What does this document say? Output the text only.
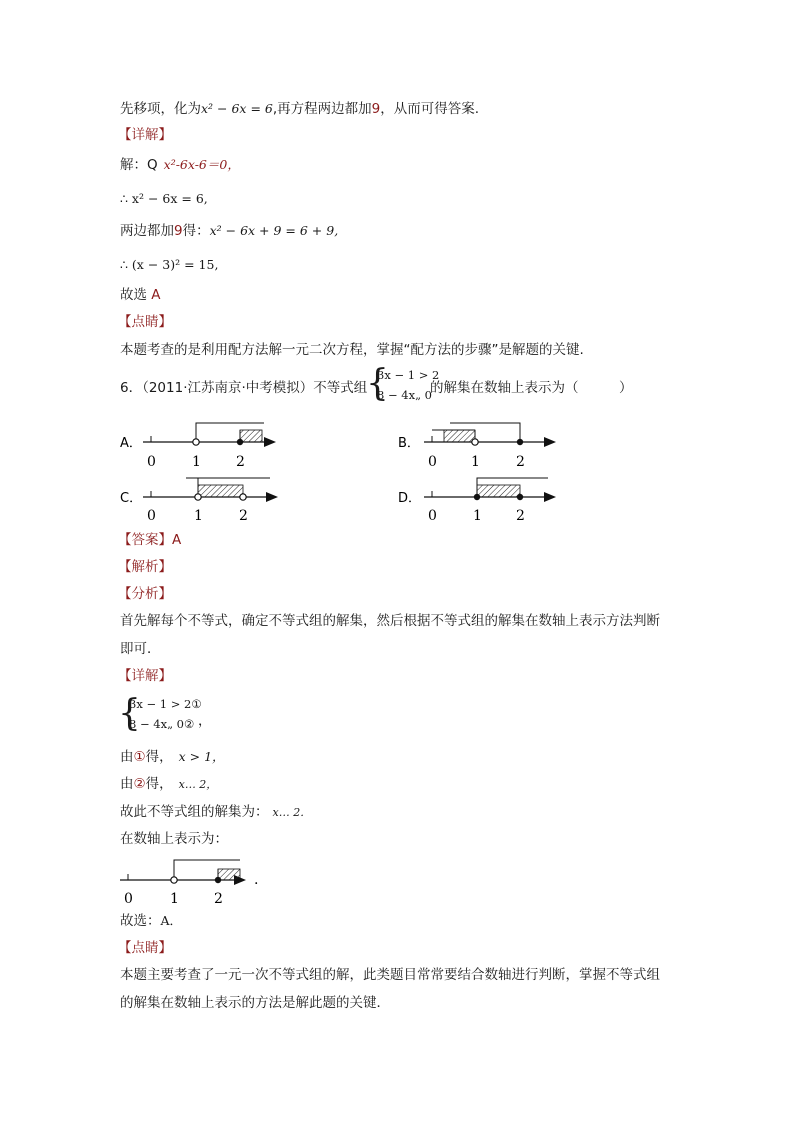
先移项，化为x² − 6x = 6,再方程两边都加9，从而可得答案.
【详解】
解：Q x²-6x-6＝0，
∴ x² − 6x = 6,
两边都加9得：x² − 6x + 9 = 6 + 9,
∴ (x − 3)² = 15,
故选 A
【点睛】
本题考查的是利用配方法解一元二次方程，掌握“配方法的步骤”是解题的关键.
6．（2011·江苏南京·中考模拟）不等式组
{
3x − 1 > 2
8 − 4x„ 0
的解集在数轴上表示为（　　　）
A．
0	1	2
B．
0 1	2
C．
0	1	2
D．
0	1 2
0	1	2
.
【答案】A
【解析】
【分析】
首先解每个不等式，确定不等式组的解集，然后根据不等式组的解集在数轴上表示方法判断
即可．
【详解】
{
3x − 1 > 2①
8 − 4x„ 0② ，
由①得， x > 1，
由②得， x… 2，
故此不等式组的解集为： x… 2．
在数轴上表示为：
故选：A．
【点睛】
本题主要考查了一元一次不等式组的解，此类题目常常要结合数轴进行判断，掌握不等式组
的解集在数轴上表示的方法是解此题的关键．
